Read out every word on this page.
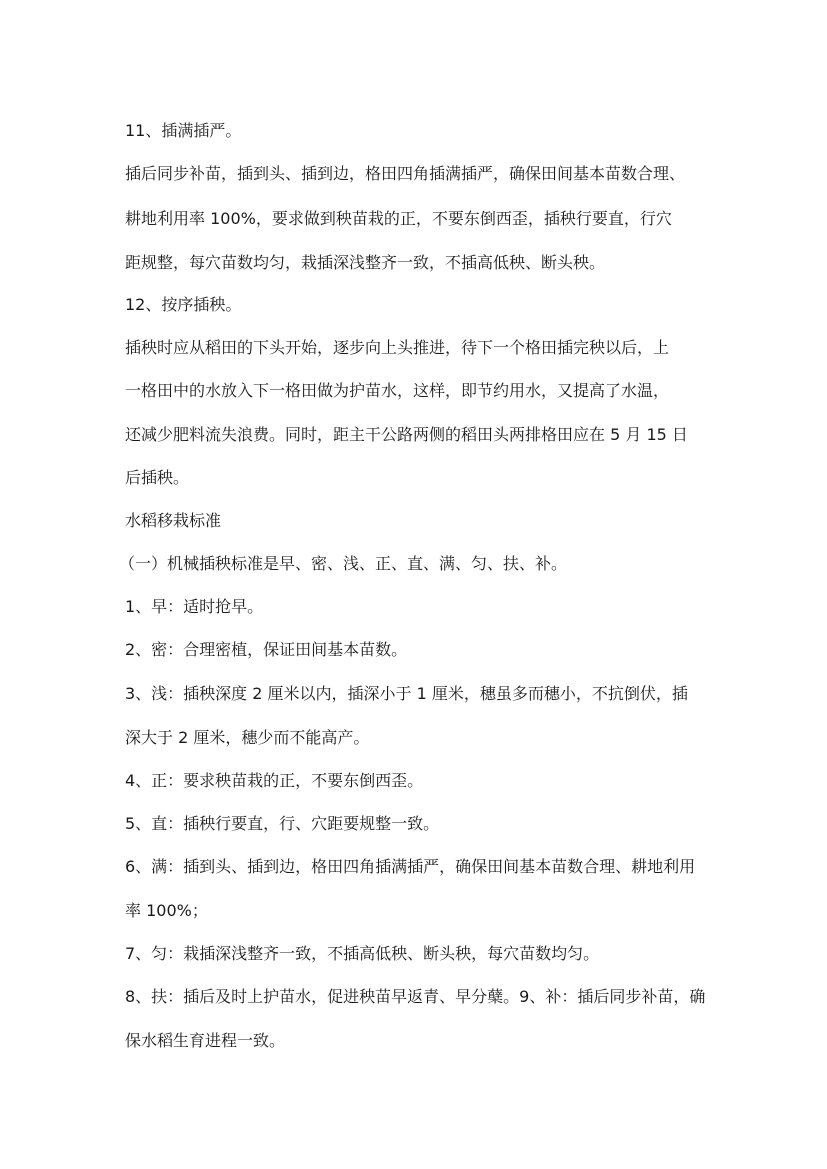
11、插满插严。
插后同步补苗，插到头、插到边，格田四角插满插严，确保田间基本苗数合理、
耕地利用率 100%，要求做到秧苗栽的正，不要东倒西歪，插秧行要直，行穴
距规整，每穴苗数均匀，栽插深浅整齐一致，不插高低秧、断头秧。
12、按序插秧。
插秧时应从稻田的下头开始，逐步向上头推进，待下一个格田插完秧以后，上
一格田中的水放入下一格田做为护苗水，这样，即节约用水，又提高了水温，
还减少肥料流失浪费。同时，距主干公路两侧的稻田头两排格田应在 5 月 15 日
后插秧。
水稻移栽标准
（一）机械插秧标准是早、密、浅、正、直、满、匀、扶、补。
1、早：适时抢早。
2、密：合理密植，保证田间基本苗数。
3、浅：插秧深度 2 厘米以内，插深小于 1 厘米，穗虽多而穗小，不抗倒伏，插
深大于 2 厘米，穗少而不能高产。
4、正：要求秧苗栽的正，不要东倒西歪。
5、直：插秧行要直，行、穴距要规整一致。
6、满：插到头、插到边，格田四角插满插严，确保田间基本苗数合理、耕地利用
率 100%；
7、匀：栽插深浅整齐一致，不插高低秧、断头秧，每穴苗数均匀。
8、扶：插后及时上护苗水，促进秧苗早返青、早分蘖。9、补：插后同步补苗，确
保水稻生育进程一致。
